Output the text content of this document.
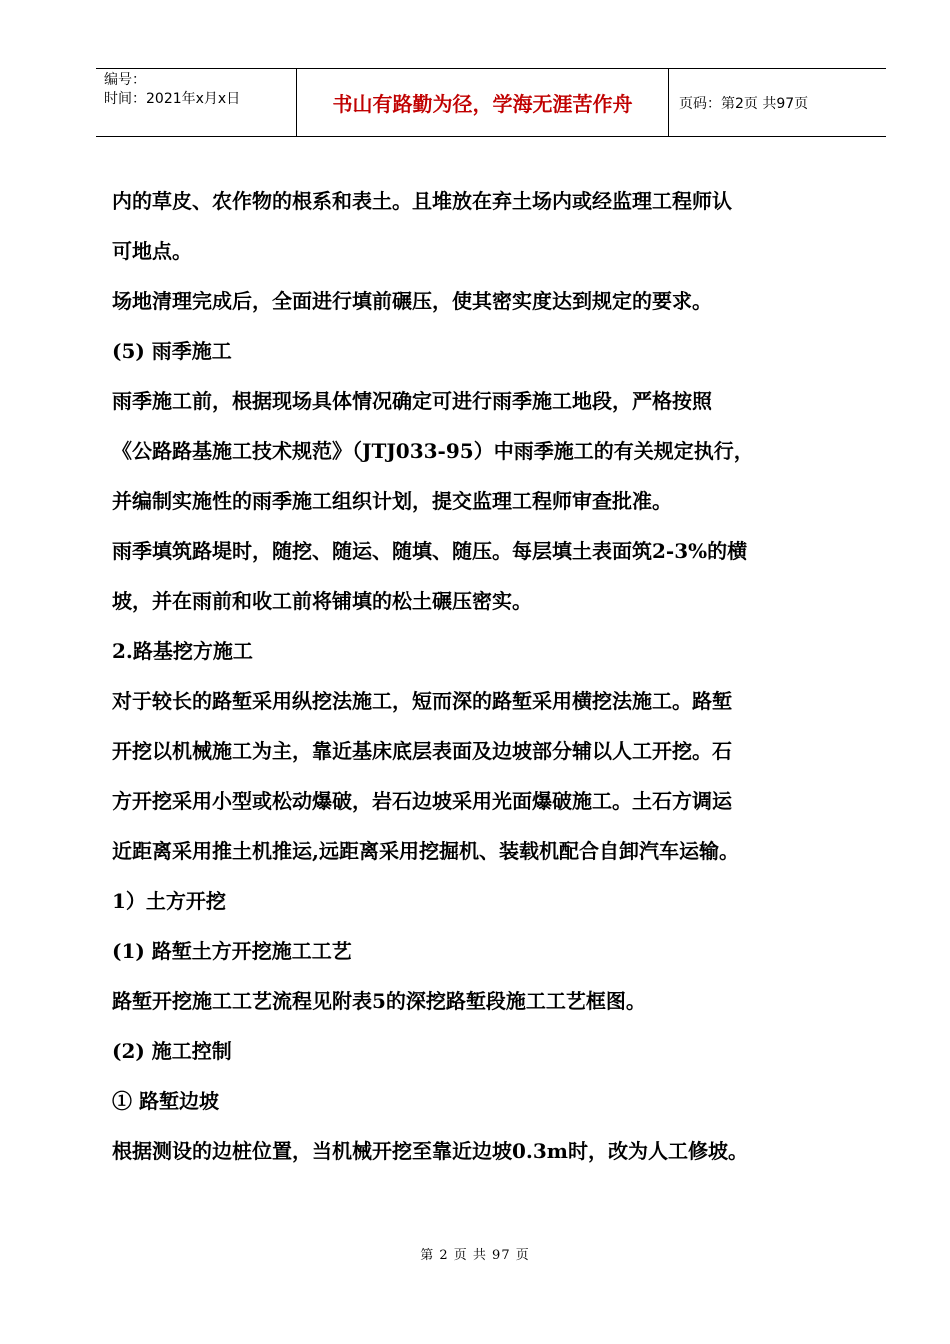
编号：
时间：2021年x月x日	书山有路勤为径，学海无涯苦作舟	页码：第2页 共97页
内的草皮、农作物的根系和表土。且堆放在弃土场内或经监理工程师认
可地点。
场地清理完成后，全面进行填前碾压，使其密实度达到规定的要求。
(5) 雨季施工
雨季施工前，根据现场具体情况确定可进行雨季施工地段，严格按照
《公路路基施工技术规范》（JTJ033-95）中雨季施工的有关规定执行，
并编制实施性的雨季施工组织计划，提交监理工程师审查批准。
雨季填筑路堤时，随挖、随运、随填、随压。每层填土表面筑2-3%的横
坡，并在雨前和收工前将铺填的松土碾压密实。
2.路基挖方施工
对于较长的路堑采用纵挖法施工，短而深的路堑采用横挖法施工。路堑
开挖以机械施工为主，靠近基床底层表面及边坡部分辅以人工开挖。石
方开挖采用小型或松动爆破，岩石边坡采用光面爆破施工。土石方调运
近距离采用推土机推运,远距离采用挖掘机、装载机配合自卸汽车运输。
1）土方开挖
(1) 路堑土方开挖施工工艺
路堑开挖施工工艺流程见附表5的深挖路堑段施工工艺框图。
(2) 施工控制
① 路堑边坡
根据测设的边桩位置，当机械开挖至靠近边坡0.3m时，改为人工修坡。
第 2 页 共 97 页
